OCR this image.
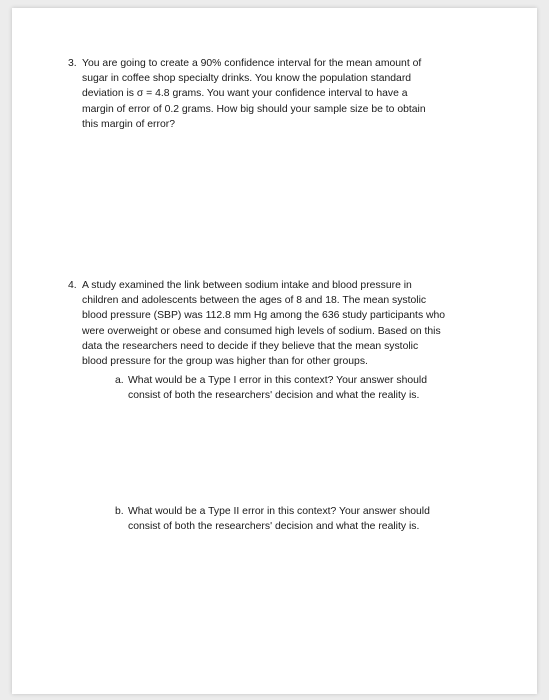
3. You are going to create a 90% confidence interval for the mean amount of
sugar in coffee shop specialty drinks. You know the population standard
deviation is σ = 4.8 grams. You want your confidence interval to have a
margin of error of 0.2 grams. How big should your sample size be to obtain
this margin of error?
4. A study examined the link between sodium intake and blood pressure in
children and adolescents between the ages of 8 and 18. The mean systolic
blood pressure (SBP) was 112.8 mm Hg among the 636 study participants who
were overweight or obese and consumed high levels of sodium. Based on this
data the researchers need to decide if they believe that the mean systolic
blood pressure for the group was higher than for other groups.
a. What would be a Type I error in this context? Your answer should
consist of both the researchers' decision and what the reality is.
b. What would be a Type II error in this context? Your answer should
consist of both the researchers' decision and what the reality is.
